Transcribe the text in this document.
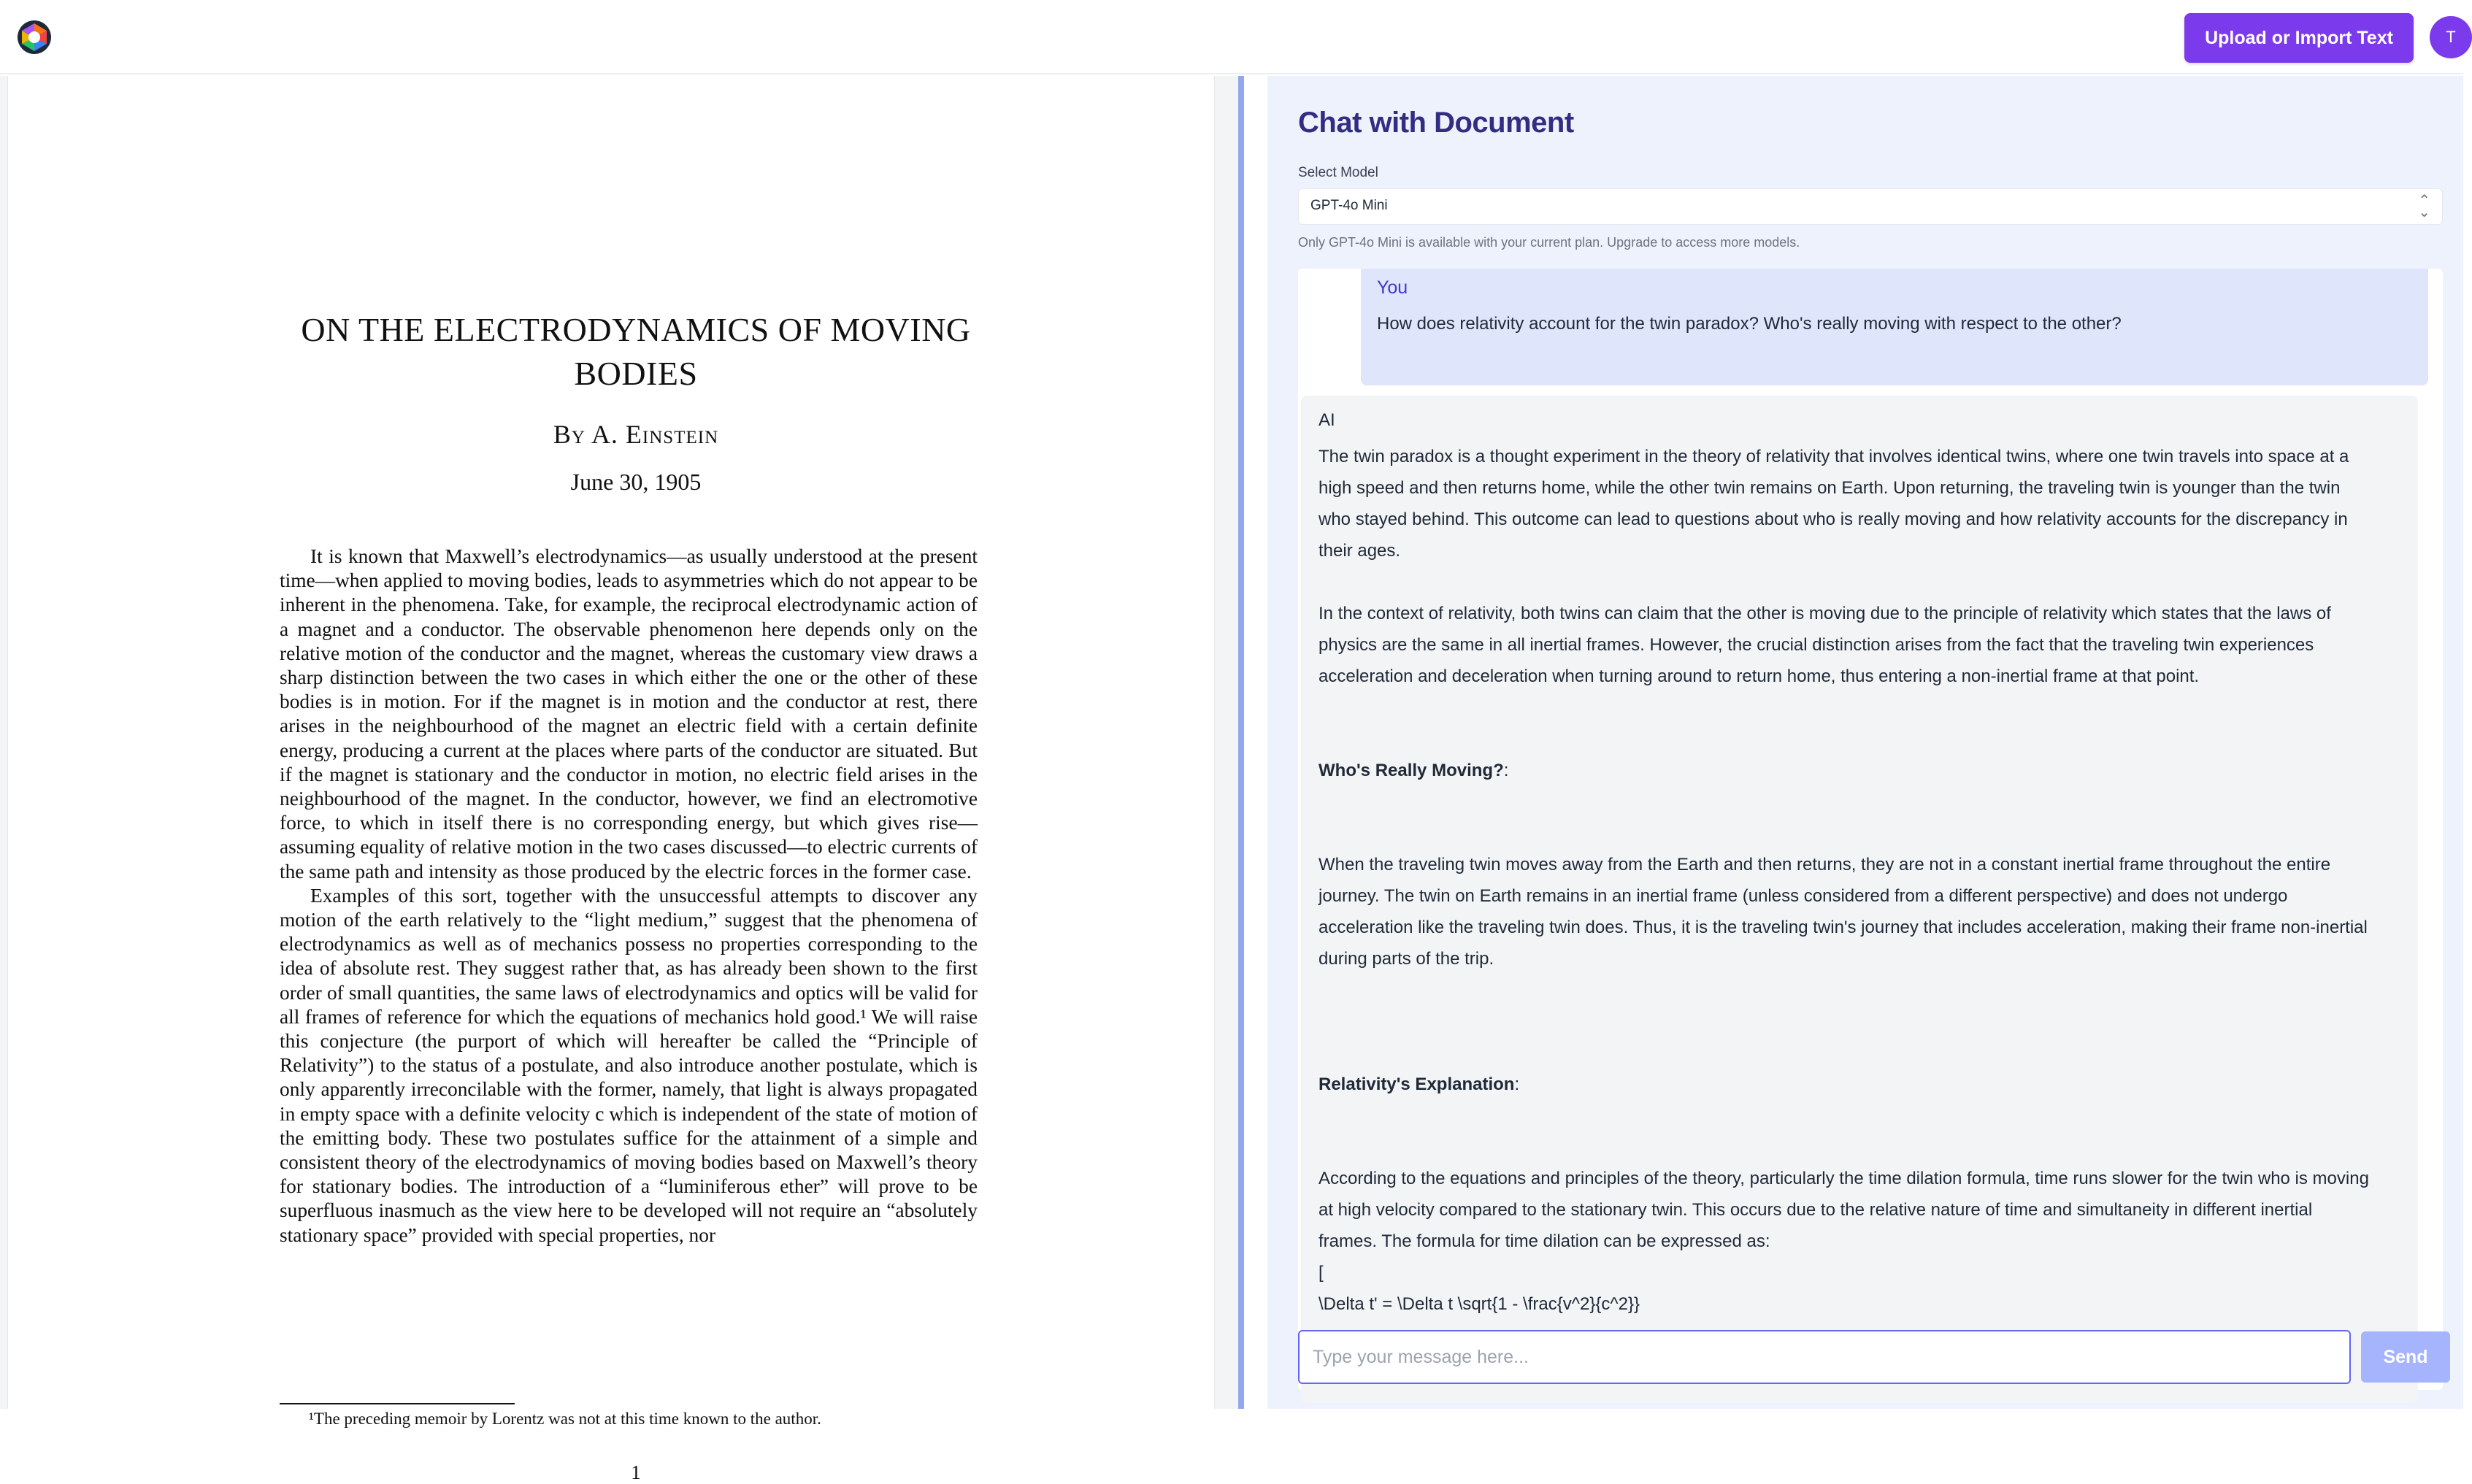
Upload or Import Text	T
ON THE ELECTRODYNAMICS OF MOVING BODIES
By A. Einstein
June 30, 1905

It is known that Maxwell’s electrodynamics—as usually understood at the present time—when applied to moving bodies, leads to asymmetries which do not appear to be inherent in the phenomena. Take, for example, the reciprocal electrodynamic action of a magnet and a conductor. The observable phenomenon here depends only on the relative motion of the conductor and the magnet, whereas the customary view draws a sharp distinction between the two cases in which either the one or the other of these bodies is in motion. For if the magnet is in motion and the conductor at rest, there arises in the neighbourhood of the magnet an electric field with a certain definite energy, producing a current at the places where parts of the conductor are situated. But if the magnet is stationary and the conductor in motion, no electric field arises in the neighbourhood of the magnet. In the conductor, however, we find an electromotive force, to which in itself there is no corresponding energy, but which gives rise—assuming equality of relative motion in the two cases discussed—to electric currents of the same path and intensity as those produced by the electric forces in the former case.

Examples of this sort, together with the unsuccessful attempts to discover any motion of the earth relatively to the “light medium,” suggest that the phenomena of electrodynamics as well as of mechanics possess no properties corresponding to the idea of absolute rest. They suggest rather that, as has already been shown to the first order of small quantities, the same laws of electrodynamics and optics will be valid for all frames of reference for which the equations of mechanics hold good.¹ We will raise this conjecture (the purport of which will hereafter be called the “Principle of Relativity”) to the status of a postulate, and also introduce another postulate, which is only apparently irreconcilable with the former, namely, that light is always propagated in empty space with a definite velocity c which is independent of the state of motion of the emitting body. These two postulates suffice for the attainment of a simple and consistent theory of the electrodynamics of moving bodies based on Maxwell’s theory for stationary bodies. The introduction of a “luminiferous ether” will prove to be superfluous inasmuch as the view here to be developed will not require an “absolutely stationary space” provided with special properties, nor

¹The preceding memoir by Lorentz was not at this time known to the author.
1
Chat with Document
Select Model
GPT-4o Mini	⌃
⌄
Only GPT-4o Mini is available with your current plan. Upgrade to access more models.
You
How does relativity account for the twin paradox? Who's really moving with respect to the other?
AI

The twin paradox is a thought experiment in the theory of relativity that involves identical twins, where one twin travels into space at a high speed and then returns home, while the other twin remains on Earth. Upon returning, the traveling twin is younger than the twin who stayed behind. This outcome can lead to questions about who is really moving and how relativity accounts for the discrepancy in their ages.

In the context of relativity, both twins can claim that the other is moving due to the principle of relativity which states that the laws of physics are the same in all inertial frames. However, the crucial distinction arises from the fact that the traveling twin experiences acceleration and deceleration when turning around to return home, thus entering a non-inertial frame at that point.

Who's Really Moving?:

When the traveling twin moves away from the Earth and then returns, they are not in a constant inertial frame throughout the entire journey. The twin on Earth remains in an inertial frame (unless considered from a different perspective) and does not undergo acceleration like the traveling twin does. Thus, it is the traveling twin's journey that includes acceleration, making their frame non-inertial during parts of the trip.

Relativity's Explanation:

According to the equations and principles of the theory, particularly the time dilation formula, time runs slower for the twin who is moving at high velocity compared to the stationary twin. This occurs due to the relative nature of time and simultaneity in different inertial frames. The formula for time dilation can be expressed as:

[

\Delta t' = \Delta t \sqrt{1 - \frac{v^2}{c^2}}

Type your message here...
Send
